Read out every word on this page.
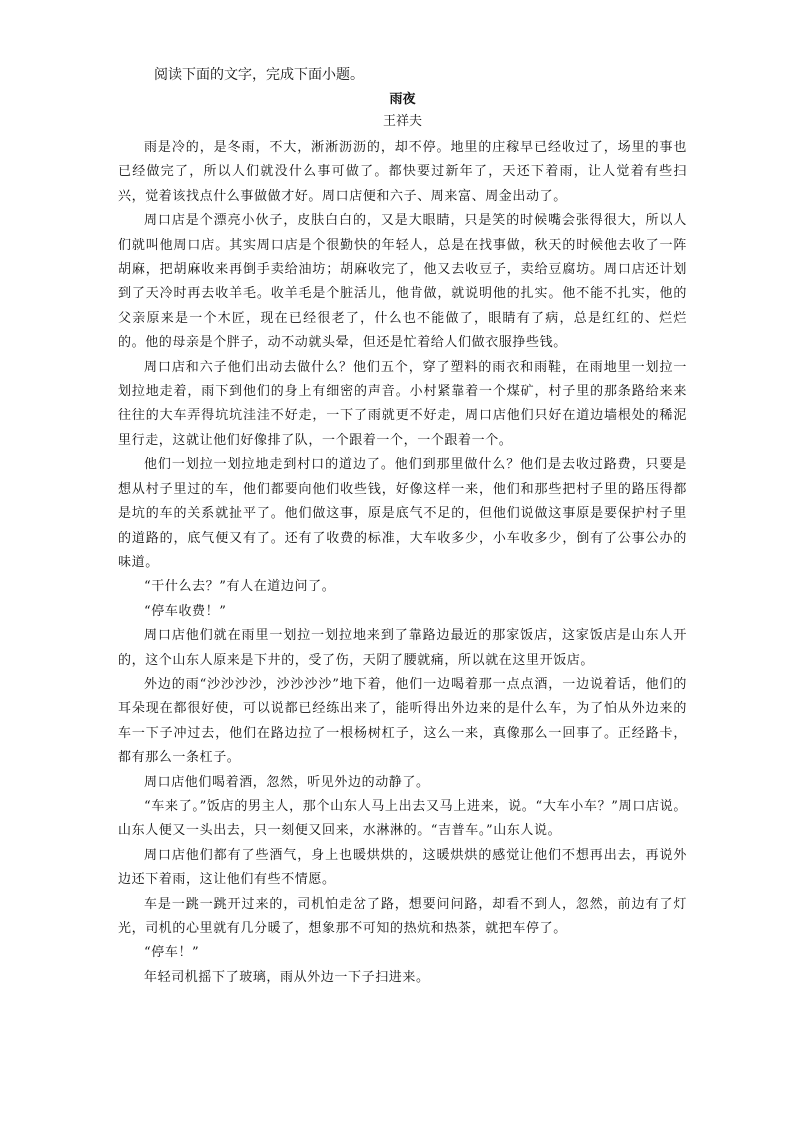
阅读下面的文字，完成下面小题。
雨夜
王祥夫

雨是冷的，是冬雨，不大，淅淅沥沥的，却不停。地里的庄稼早已经收过了，场里的事也已经做完了，所以人们就没什么事可做了。都快要过新年了，天还下着雨，让人觉着有些扫兴，觉着该找点什么事做做才好。周口店便和六子、周来富、周金出动了。

周口店是个漂亮小伙子，皮肤白白的，又是大眼睛，只是笑的时候嘴会张得很大，所以人们就叫他周口店。其实周口店是个很勤快的年轻人，总是在找事做，秋天的时候他去收了一阵胡麻，把胡麻收来再倒手卖给油坊；胡麻收完了，他又去收豆子，卖给豆腐坊。周口店还计划到了天冷时再去收羊毛。收羊毛是个脏活儿，他肯做，就说明他的扎实。他不能不扎实，他的父亲原来是一个木匠，现在已经很老了，什么也不能做了，眼睛有了病，总是红红的、烂烂的。他的母亲是个胖子，动不动就头晕，但还是忙着给人们做衣服挣些钱。

周口店和六子他们出动去做什么？他们五个，穿了塑料的雨衣和雨鞋，在雨地里一划拉一划拉地走着，雨下到他们的身上有细密的声音。小村紧靠着一个煤矿，村子里的那条路给来来往往的大车弄得坑坑洼洼不好走，一下了雨就更不好走，周口店他们只好在道边墙根处的稀泥里行走，这就让他们好像排了队，一个跟着一个，一个跟着一个。

他们一划拉一划拉地走到村口的道边了。他们到那里做什么？他们是去收过路费，只要是想从村子里过的车，他们都要向他们收些钱，好像这样一来，他们和那些把村子里的路压得都是坑的车的关系就扯平了。他们做这事，原是底气不足的，但他们说做这事原是要保护村子里的道路的，底气便又有了。还有了收费的标准，大车收多少，小车收多少，倒有了公事公办的味道。

“干什么去？”有人在道边问了。

“停车收费！”

周口店他们就在雨里一划拉一划拉地来到了靠路边最近的那家饭店，这家饭店是山东人开的，这个山东人原来是下井的，受了伤，天阴了腰就痛，所以就在这里开饭店。

外边的雨“沙沙沙沙，沙沙沙沙”地下着，他们一边喝着那一点点酒，一边说着话，他们的耳朵现在都很好使，可以说都已经练出来了，能听得出外边来的是什么车，为了怕从外边来的车一下子冲过去，他们在路边拉了一根杨树杠子，这么一来，真像那么一回事了。正经路卡，都有那么一条杠子。

周口店他们喝着酒，忽然，听见外边的动静了。

“车来了。”饭店的男主人，那个山东人马上出去又马上进来，说。“大车小车？”周口店说。山东人便又一头出去，只一刻便又回来，水淋淋的。“吉普车。”山东人说。

周口店他们都有了些酒气，身上也暖烘烘的，这暖烘烘的感觉让他们不想再出去，再说外边还下着雨，这让他们有些不情愿。

车是一跳一跳开过来的，司机怕走岔了路，想要问问路，却看不到人，忽然，前边有了灯光，司机的心里就有几分暖了，想象那不可知的热炕和热茶，就把车停了。

“停车！”

年轻司机摇下了玻璃，雨从外边一下子扫进来。
